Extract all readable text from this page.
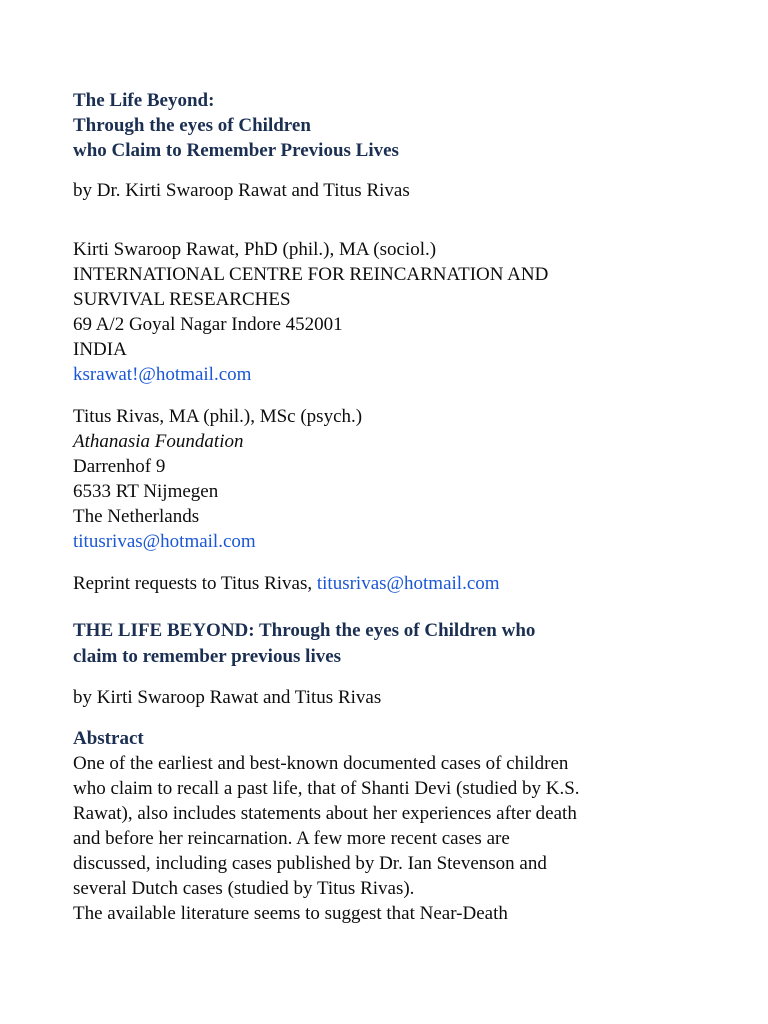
The Life Beyond:
Through the eyes of Children
who Claim to Remember Previous Lives
by Dr. Kirti Swaroop Rawat and Titus Rivas
Kirti Swaroop Rawat, PhD (phil.), MA (sociol.)
INTERNATIONAL CENTRE FOR REINCARNATION AND
SURVIVAL RESEARCHES
69 A/2 Goyal Nagar Indore 452001
INDIA
ksrawat!@hotmail.com
Titus Rivas, MA (phil.), MSc (psych.)
Athanasia Foundation
Darrenhof 9
6533 RT Nijmegen
The Netherlands
titusrivas@hotmail.com
Reprint requests to Titus Rivas, titusrivas@hotmail.com
THE LIFE BEYOND: Through the eyes of Children who
claim to remember previous lives
by Kirti Swaroop Rawat and Titus Rivas
Abstract
One of the earliest and best-known documented cases of children
who claim to recall a past life, that of Shanti Devi (studied by K.S.
Rawat), also includes statements about her experiences after death
and before her reincarnation. A few more recent cases are
discussed, including cases published by Dr. Ian Stevenson and
several Dutch cases (studied by Titus Rivas).
The available literature seems to suggest that Near-Death
